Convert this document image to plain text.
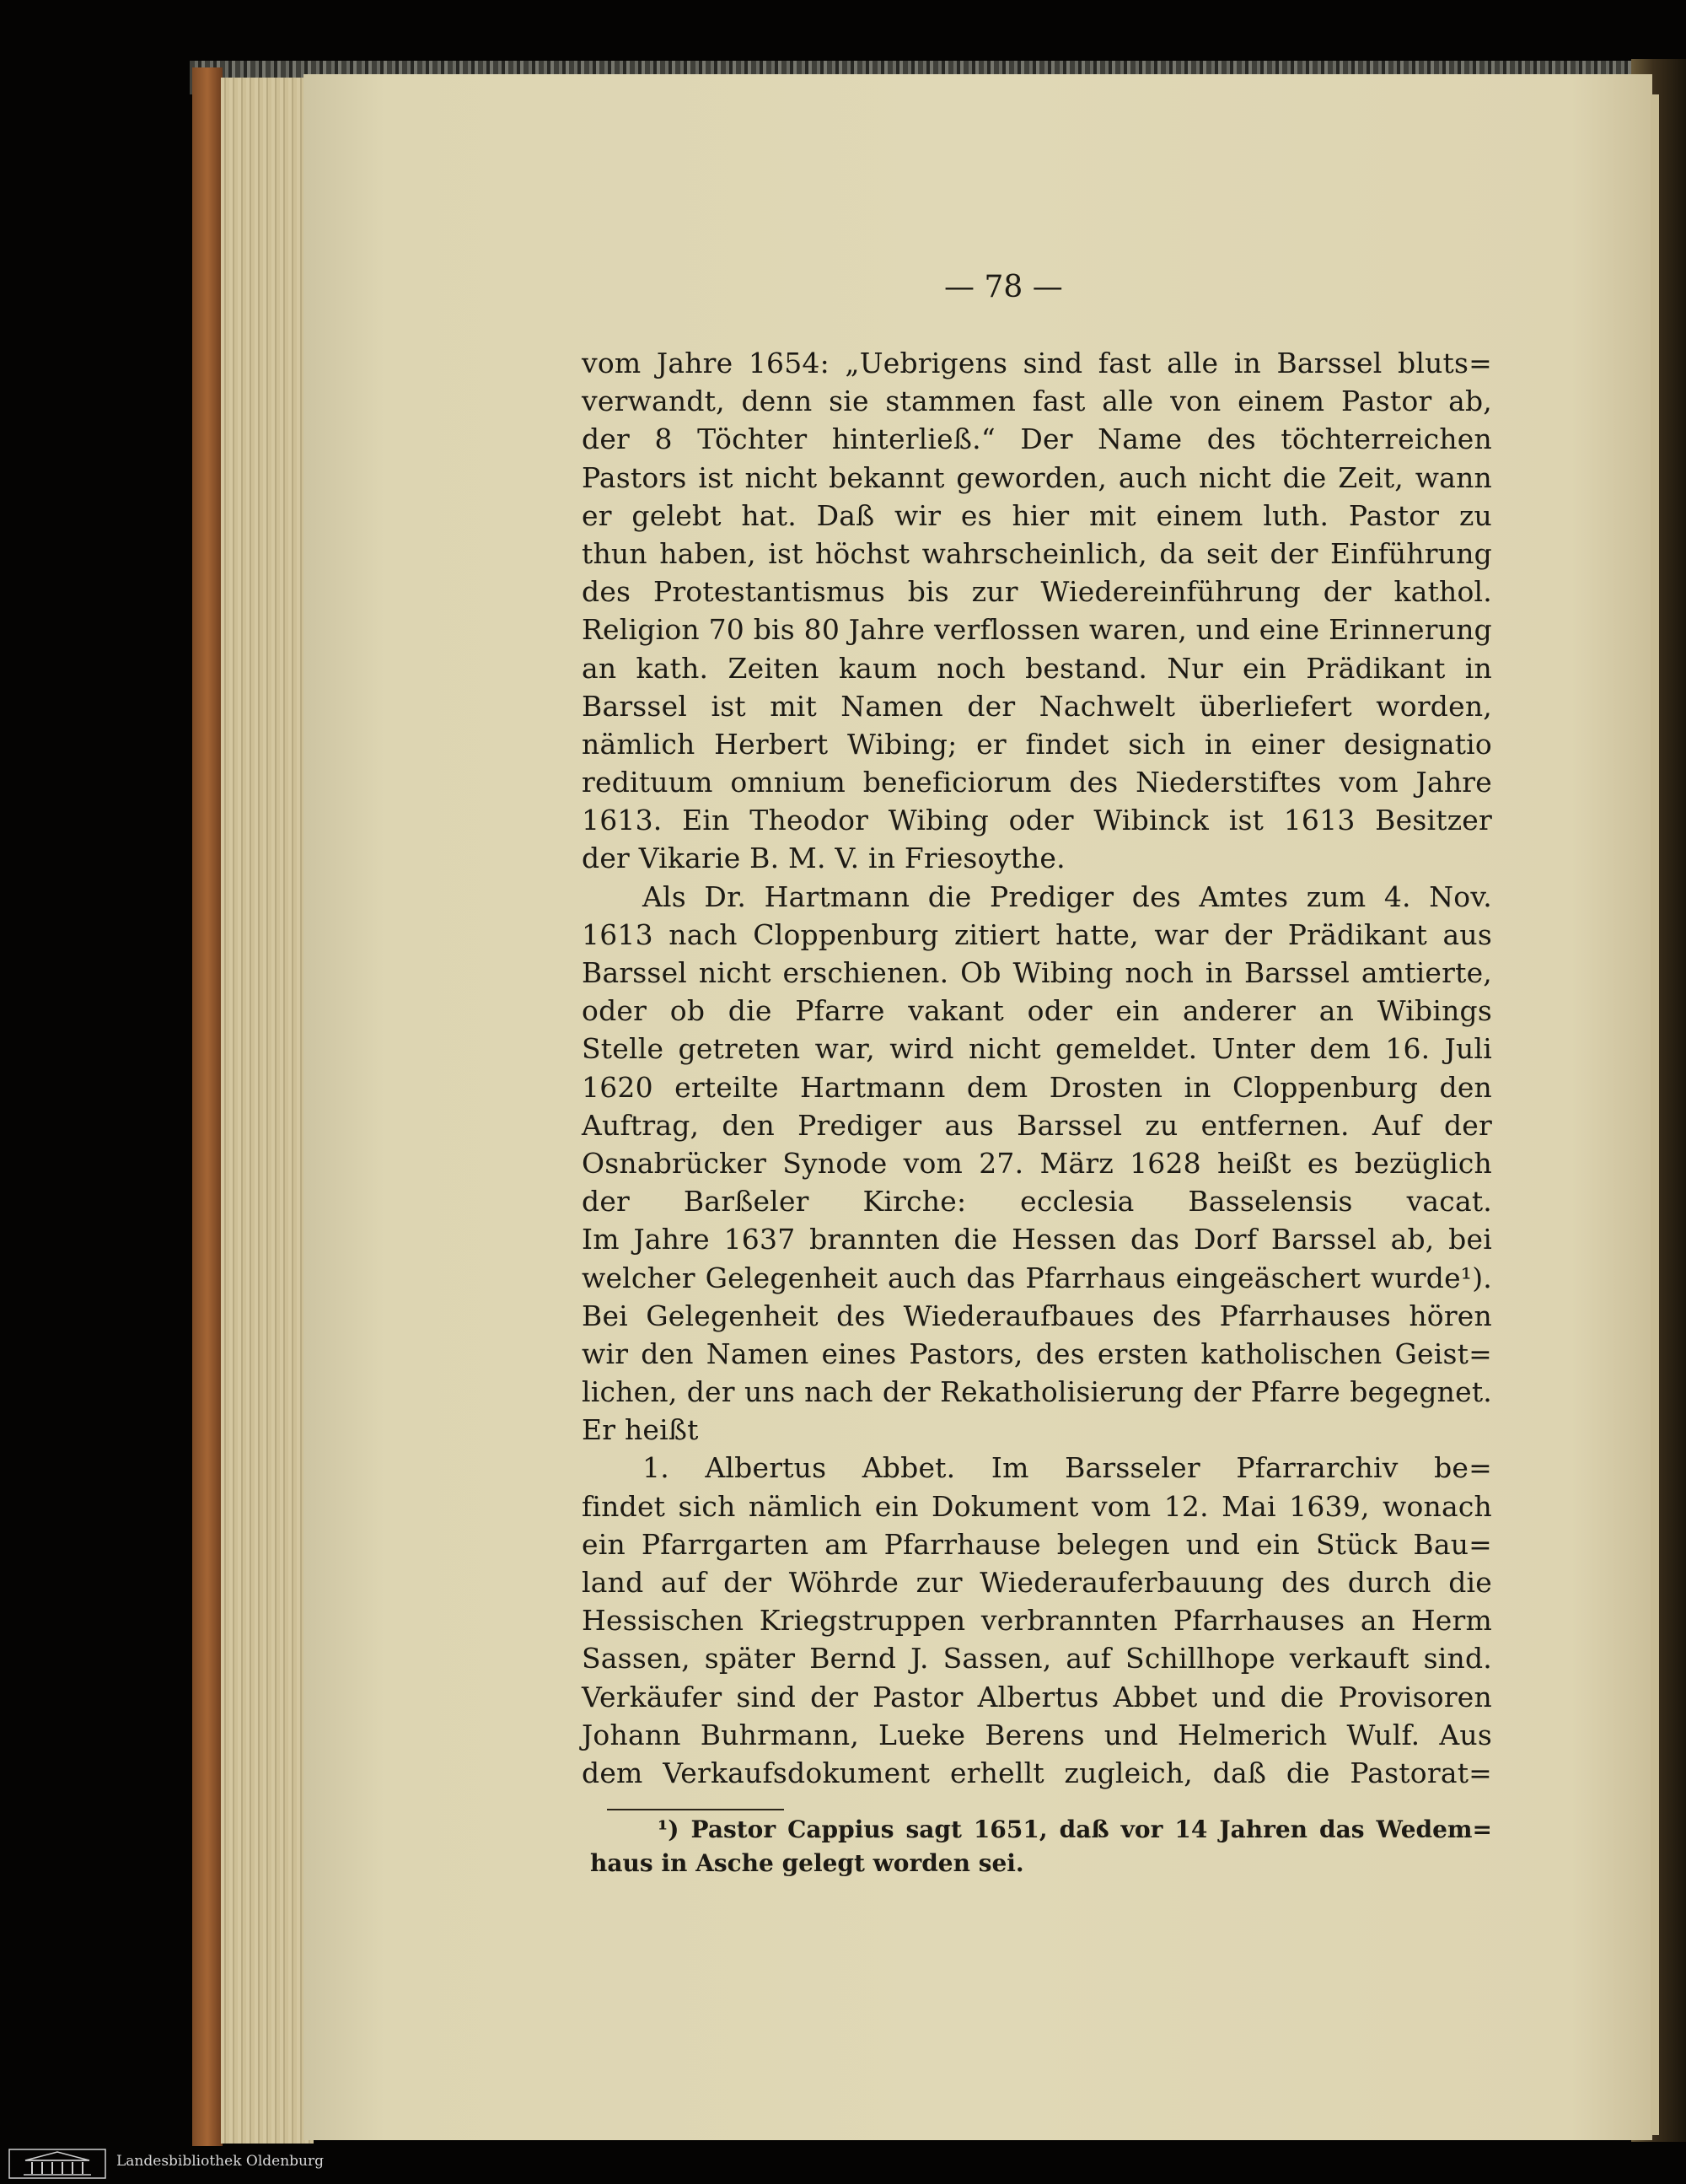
— 78 —
vom Jahre 1654: „Uebrigens sind fast alle in Barssel bluts=
verwandt, denn sie stammen fast alle von einem Pastor ab,
der 8 Töchter hinterließ.“ Der Name des töchterreichen
Pastors ist nicht bekannt geworden, auch nicht die Zeit, wann
er gelebt hat. Daß wir es hier mit einem luth. Pastor zu
thun haben, ist höchst wahrscheinlich, da seit der Einführung
des Protestantismus bis zur Wiedereinführung der kathol.
Religion 70 bis 80 Jahre verflossen waren, und eine Erinnerung
an kath. Zeiten kaum noch bestand. Nur ein Prädikant in
Barssel ist mit Namen der Nachwelt überliefert worden,
nämlich Herbert Wibing; er findet sich in einer designatio
redituum omnium beneficiorum des Niederstiftes vom Jahre
1613. Ein Theodor Wibing oder Wibinck ist 1613 Besitzer
der Vikarie B. M. V. in Friesoythe.
Als Dr. Hartmann die Prediger des Amtes zum 4. Nov.
1613 nach Cloppenburg zitiert hatte, war der Prädikant aus
Barssel nicht erschienen. Ob Wibing noch in Barssel amtierte,
oder ob die Pfarre vakant oder ein anderer an Wibings
Stelle getreten war, wird nicht gemeldet. Unter dem 16. Juli
1620 erteilte Hartmann dem Drosten in Cloppenburg den
Auftrag, den Prediger aus Barssel zu entfernen. Auf der
Osnabrücker Synode vom 27. März 1628 heißt es bezüglich
der Barßeler Kirche: ecclesia Basselensis vacat.
Im Jahre 1637 brannten die Hessen das Dorf Barssel ab, bei
welcher Gelegenheit auch das Pfarrhaus eingeäschert wurde¹).
Bei Gelegenheit des Wiederaufbaues des Pfarrhauses hören
wir den Namen eines Pastors, des ersten katholischen Geist=
lichen, der uns nach der Rekatholisierung der Pfarre begegnet.
Er heißt
1. Albertus Abbet. Im Barsseler Pfarrarchiv be=
findet sich nämlich ein Dokument vom 12. Mai 1639, wonach
ein Pfarrgarten am Pfarrhause belegen und ein Stück Bau=
land auf der Wöhrde zur Wiederauferbauung des durch die
Hessischen Kriegstruppen verbrannten Pfarrhauses an Herm
Sassen, später Bernd J. Sassen, auf Schillhope verkauft sind.
Verkäufer sind der Pastor Albertus Abbet und die Provisoren
Johann Buhrmann, Lueke Berens und Helmerich Wulf. Aus
dem Verkaufsdokument erhellt zugleich, daß die Pastorat=
¹) Pastor Cappius sagt 1651, daß vor 14 Jahren das Wedem=
haus in Asche gelegt worden sei.
Landesbibliothek Oldenburg
